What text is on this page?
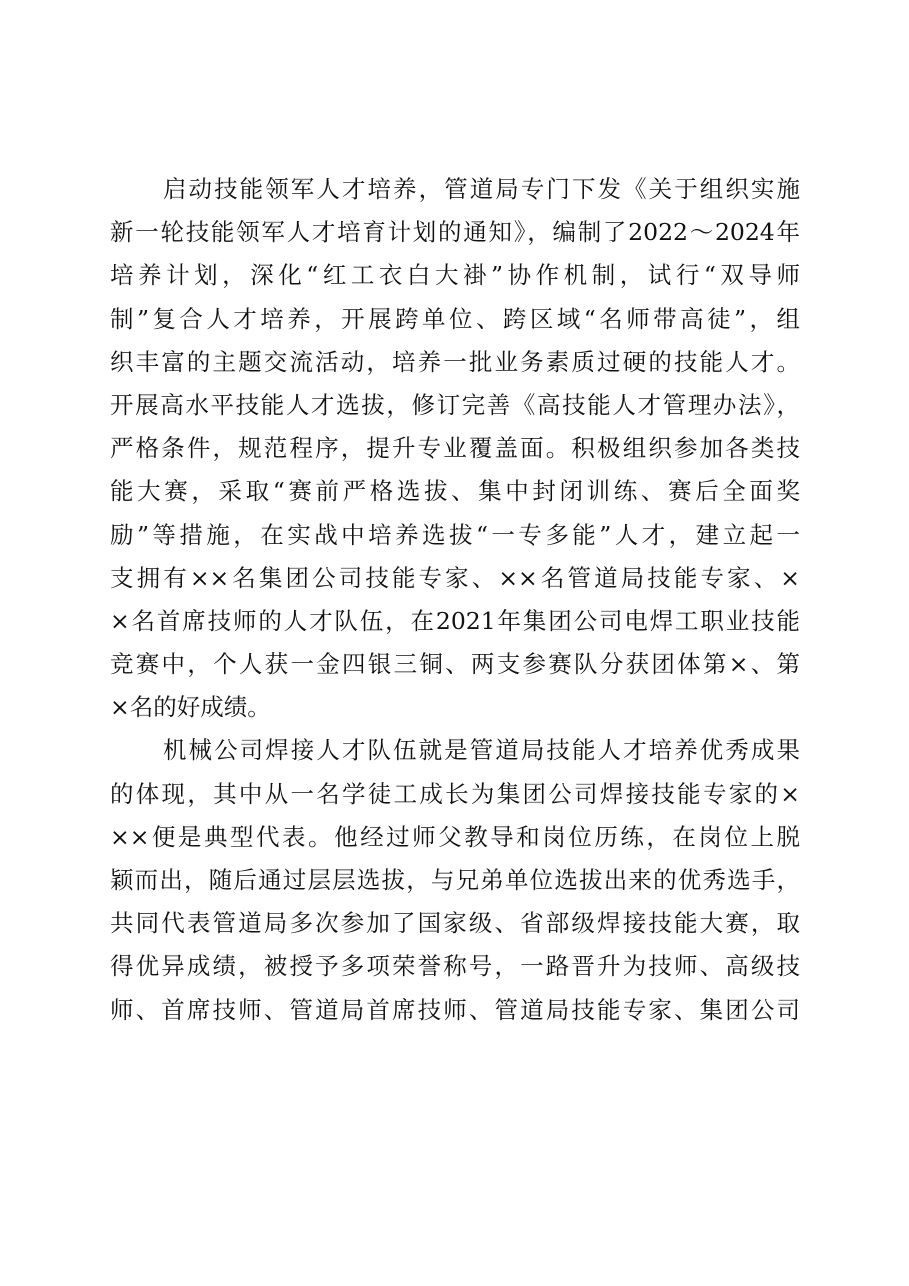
启动技能领军人才培养，管道局专门下发《关于组织实施
新一轮技能领军人才培育计划的通知》，编制了2022～2024年
培养计划，深化“红工衣白大褂”协作机制，试行“双导师
制”复合人才培养，开展跨单位、跨区域“名师带高徒”，组
织丰富的主题交流活动，培养一批业务素质过硬的技能人才。
开展高水平技能人才选拔，修订完善《高技能人才管理办法》，
严格条件，规范程序，提升专业覆盖面。积极组织参加各类技
能大赛，采取“赛前严格选拔、集中封闭训练、赛后全面奖
励”等措施，在实战中培养选拔“一专多能”人才，建立起一
支拥有××名集团公司技能专家、××名管道局技能专家、×
×名首席技师的人才队伍，在2021年集团公司电焊工职业技能
竞赛中，个人获一金四银三铜、两支参赛队分获团体第×、第
×名的好成绩。
机械公司焊接人才队伍就是管道局技能人才培养优秀成果
的体现，其中从一名学徒工成长为集团公司焊接技能专家的×
××便是典型代表。他经过师父教导和岗位历练，在岗位上脱
颖而出，随后通过层层选拔，与兄弟单位选拔出来的优秀选手，
共同代表管道局多次参加了国家级、省部级焊接技能大赛，取
得优异成绩，被授予多项荣誉称号，一路晋升为技师、高级技
师、首席技师、管道局首席技师、管道局技能专家、集团公司
